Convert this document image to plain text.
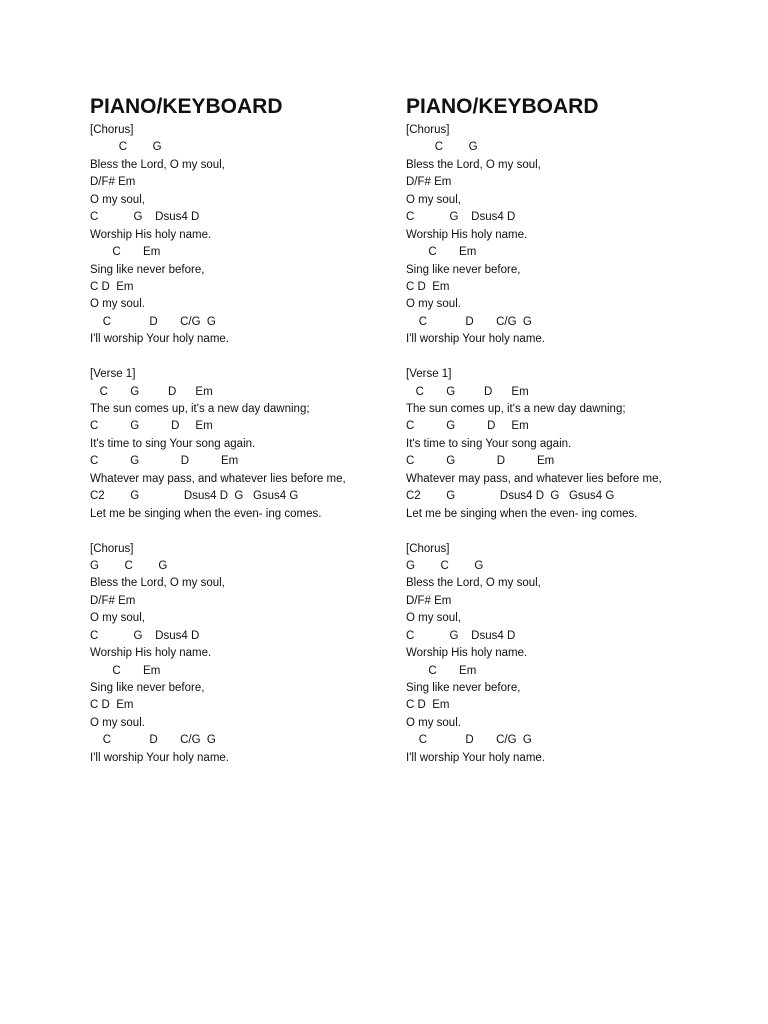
PIANO/KEYBOARD
[Chorus]
C        G
Bless the Lord, O my soul,
D/F# Em
O my soul,
C           G    Dsus4 D
Worship His holy name.
C       Em
Sing like never before,
C D  Em
O my soul.
C            D       C/G  G
I'll worship Your holy name.
[Verse 1]
C       G         D      Em
The sun comes up, it's a new day dawning;
C          G          D     Em
It's time to sing Your song again.
C          G             D          Em
Whatever may pass, and whatever lies before me,
C2        G              Dsus4 D  G   Gsus4 G
Let me be singing when the even- ing comes.
[Chorus]
G        C        G
Bless the Lord, O my soul,
D/F# Em
O my soul,
C           G    Dsus4 D
Worship His holy name.
C       Em
Sing like never before,
C D  Em
O my soul.
C            D       C/G  G
I'll worship Your holy name.
PIANO/KEYBOARD
[Chorus]
C        G
Bless the Lord, O my soul,
D/F# Em
O my soul,
C           G    Dsus4 D
Worship His holy name.
C       Em
Sing like never before,
C D  Em
O my soul.
C            D       C/G  G
I'll worship Your holy name.
[Verse 1]
C       G         D      Em
The sun comes up, it's a new day dawning;
C          G          D     Em
It's time to sing Your song again.
C          G             D          Em
Whatever may pass, and whatever lies before me,
C2        G              Dsus4 D  G   Gsus4 G
Let me be singing when the even- ing comes.
[Chorus]
G        C        G
Bless the Lord, O my soul,
D/F# Em
O my soul,
C           G    Dsus4 D
Worship His holy name.
C       Em
Sing like never before,
C D  Em
O my soul.
C            D       C/G  G
I'll worship Your holy name.
